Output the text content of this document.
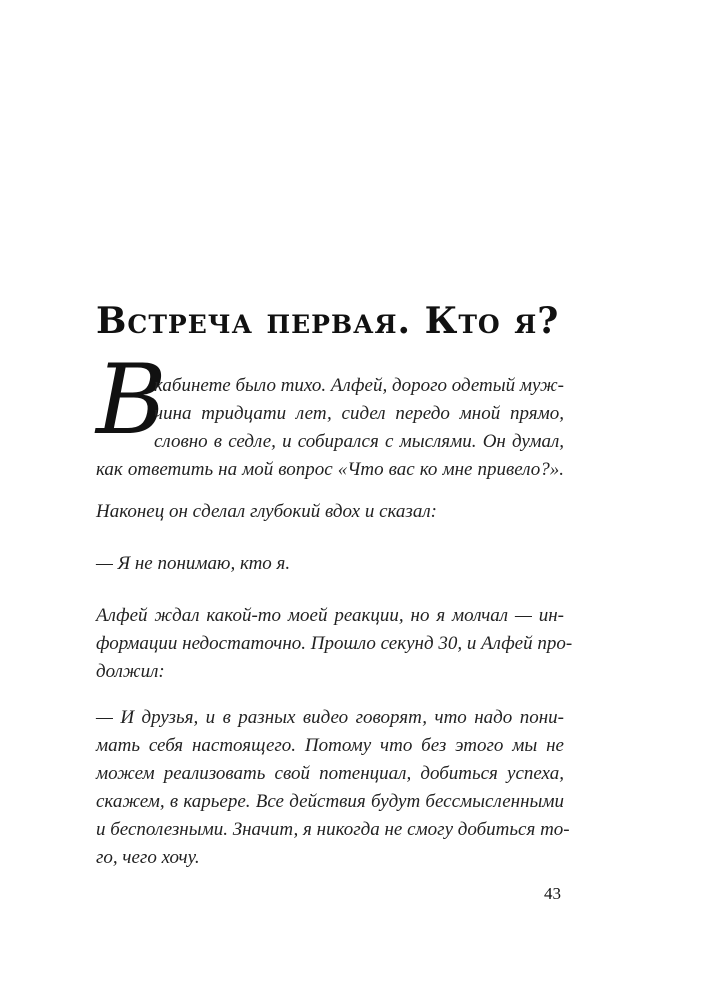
Встреча первая. Кто я?
В
кабинете было тихо. Алфей, дорого одетый муж-
чина тридцати лет, сидел передо мной прямо,
словно в седле, и собирался с мыслями. Он думал,
как ответить на мой вопрос «Что вас ко мне привело?».
Наконец он сделал глубокий вдох и сказал:
— Я не понимаю, кто я.
Алфей ждал какой-то моей реакции, но я молчал — ин-
формации недостаточно. Прошло секунд 30, и Алфей про-
должил:
— И друзья, и в разных видео говорят, что надо пони-
мать себя настоящего. Потому что без этого мы не
можем реализовать свой потенциал, добиться успеха,
скажем, в карьере. Все действия будут бессмысленными
и бесполезными. Значит, я никогда не смогу добиться то-
го, чего хочу.
43
